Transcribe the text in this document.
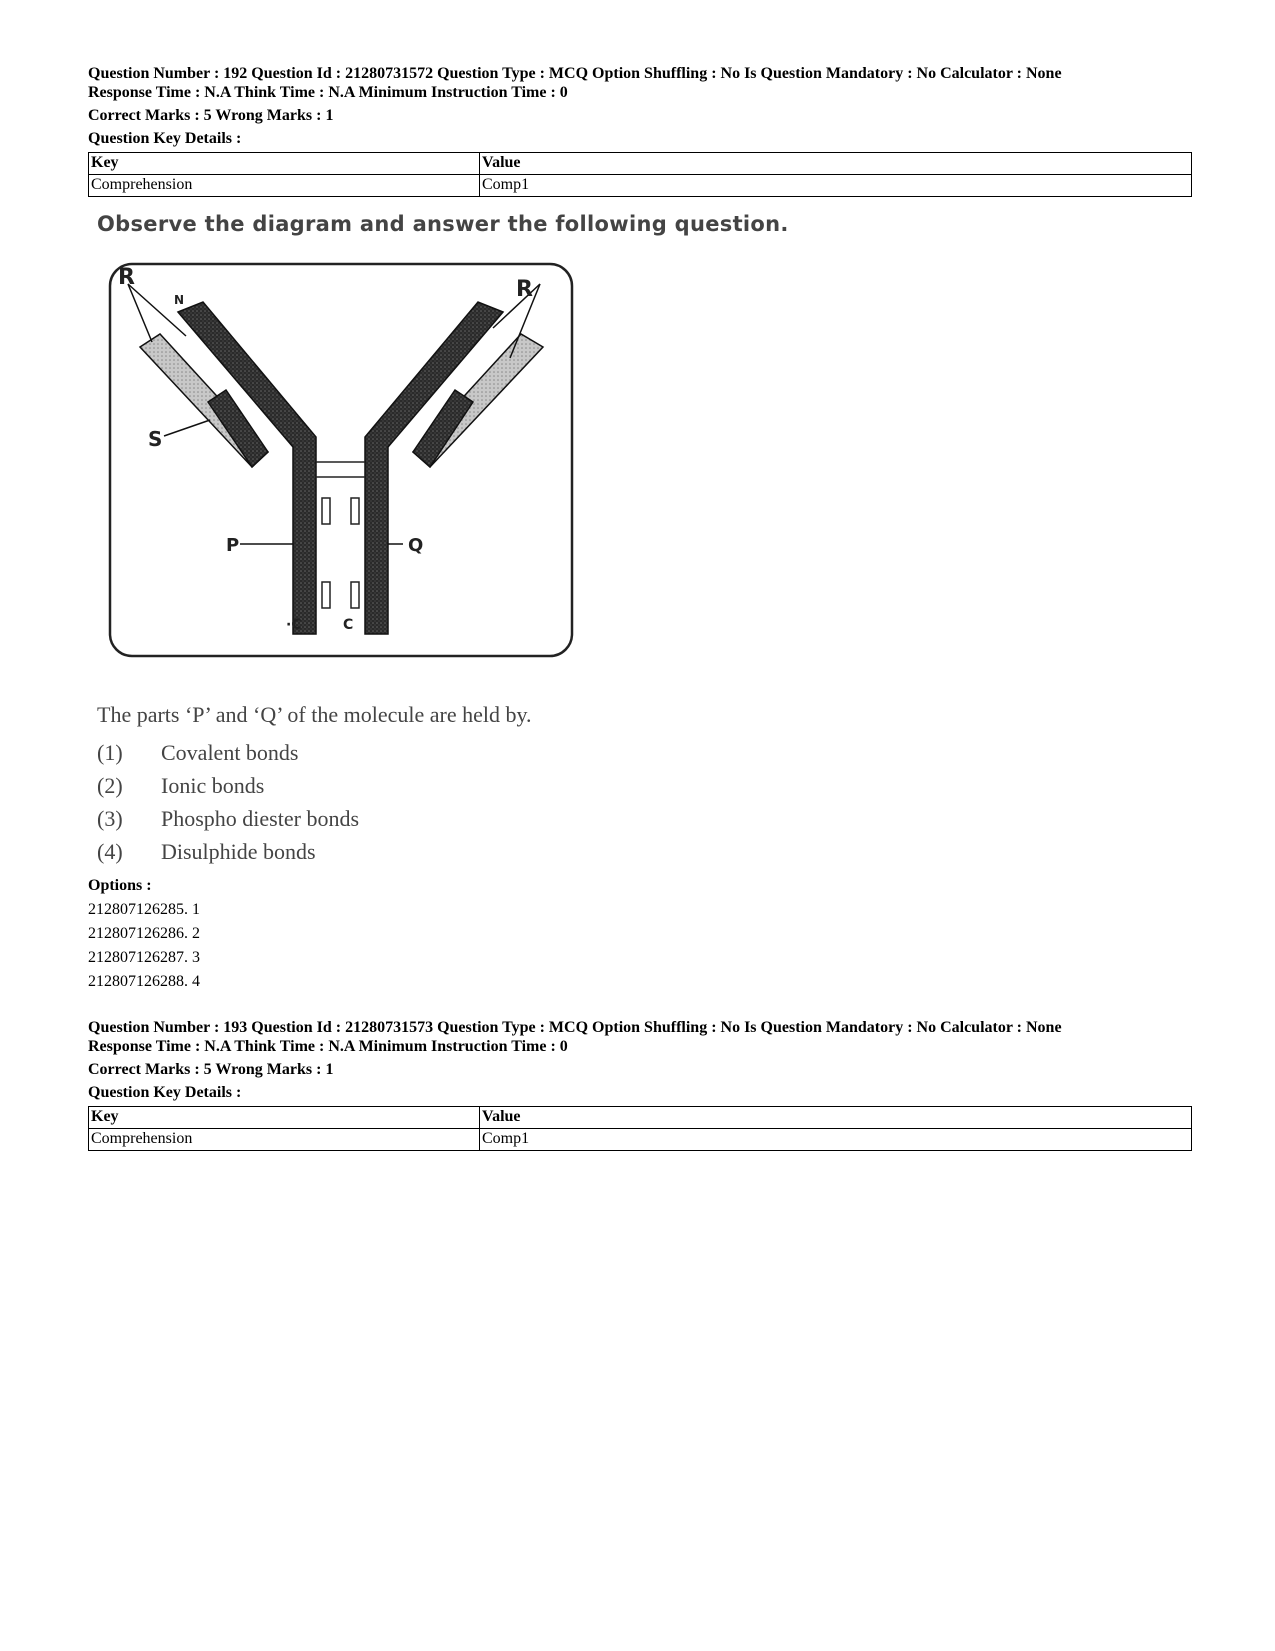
Question Number : 192 Question Id : 21280731572 Question Type : MCQ Option Shuffling : No Is Question Mandatory : No Calculator : None

Response Time : N.A Think Time : N.A Minimum Instruction Time : 0

Correct Marks : 5 Wrong Marks : 1
Question Key Details :
Key	Value
Comprehension	Comp1
Observe the diagram and answer the following question.
R
N	R
S
P	Q
·C	C
The parts ‘P’ and ‘Q’ of the molecule are held by.
(1)	Covalent bonds
(2)	Ionic bonds
(3)	Phospho diester bonds
(4)	Disulphide bonds
Options :
212807126285. 1
212807126286. 2
212807126287. 3
212807126288. 4

Question Number : 193 Question Id : 21280731573 Question Type : MCQ Option Shuffling : No Is Question Mandatory : No Calculator : None

Response Time : N.A Think Time : N.A Minimum Instruction Time : 0

Correct Marks : 5 Wrong Marks : 1
Question Key Details :
Key	Value
Comprehension	Comp1
